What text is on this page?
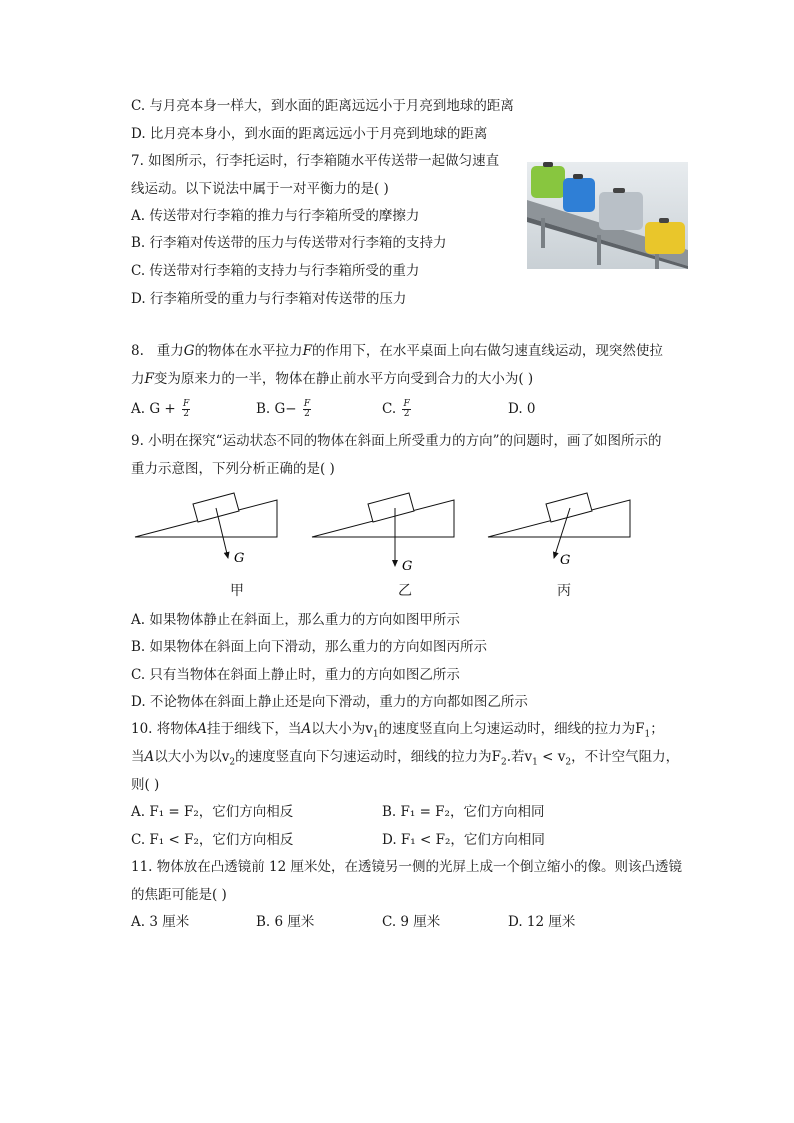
C. 与月亮本身一样大，到水面的距离远远小于月亮到地球的距离
D. 比月亮本身小，到水面的距离远远小于月亮到地球的距离
7. 如图所示，行李托运时，行李箱随水平传送带一起做匀速直
线运动。以下说法中属于一对平衡力的是( )
A. 传送带对行李箱的推力与行李箱所受的摩擦力
B. 行李箱对传送带的压力与传送带对行李箱的支持力
C. 传送带对行李箱的支持力与行李箱所受的重力
D. 行李箱所受的重力与行李箱对传送带的压力
8. 重力G的物体在水平拉力F的作用下，在水平桌面上向右做匀速直线运动，现突然使拉
力F变为原来力的一半，物体在静止前水平方向受到合力的大小为( )
A. $G + \frac{F}{2}$	B. $G- \frac{F}{2}$	C. $\frac{F}{2}$	D. 0
9. 小明在探究“运动状态不同的物体在斜面上所受重力的方向”的问题时，画了如图所示的
重力示意图，下列分析正确的是( )
G
G	G
甲	乙	丙
A. 如果物体静止在斜面上，那么重力的方向如图甲所示
B. 如果物体在斜面上向下滑动，那么重力的方向如图丙所示
C. 只有当物体在斜面上静止时，重力的方向如图乙所示
D. 不论物体在斜面上静止还是向下滑动，重力的方向都如图乙所示
10. 将物体A挂于细线下，当A以大小为$v_1$的速度竖直向上匀速运动时，细线的拉力为$F_1$；
当A以大小为以$v_2$的速度竖直向下匀速运动时，细线的拉力为$F_2$.若$v_1 < v_2$，不计空气阻力，
则( )
A. F₁ = F₂，它们方向相反	B. F₁ = F₂，它们方向相同
C. F₁ < F₂，它们方向相反	D. F₁ < F₂，它们方向相同
11. 物体放在凸透镜前 12 厘米处，在透镜另一侧的光屏上成一个倒立缩小的像。则该凸透镜
的焦距可能是( )
A. 3 厘米	B. 6 厘米	C. 9 厘米	D. 12 厘米
